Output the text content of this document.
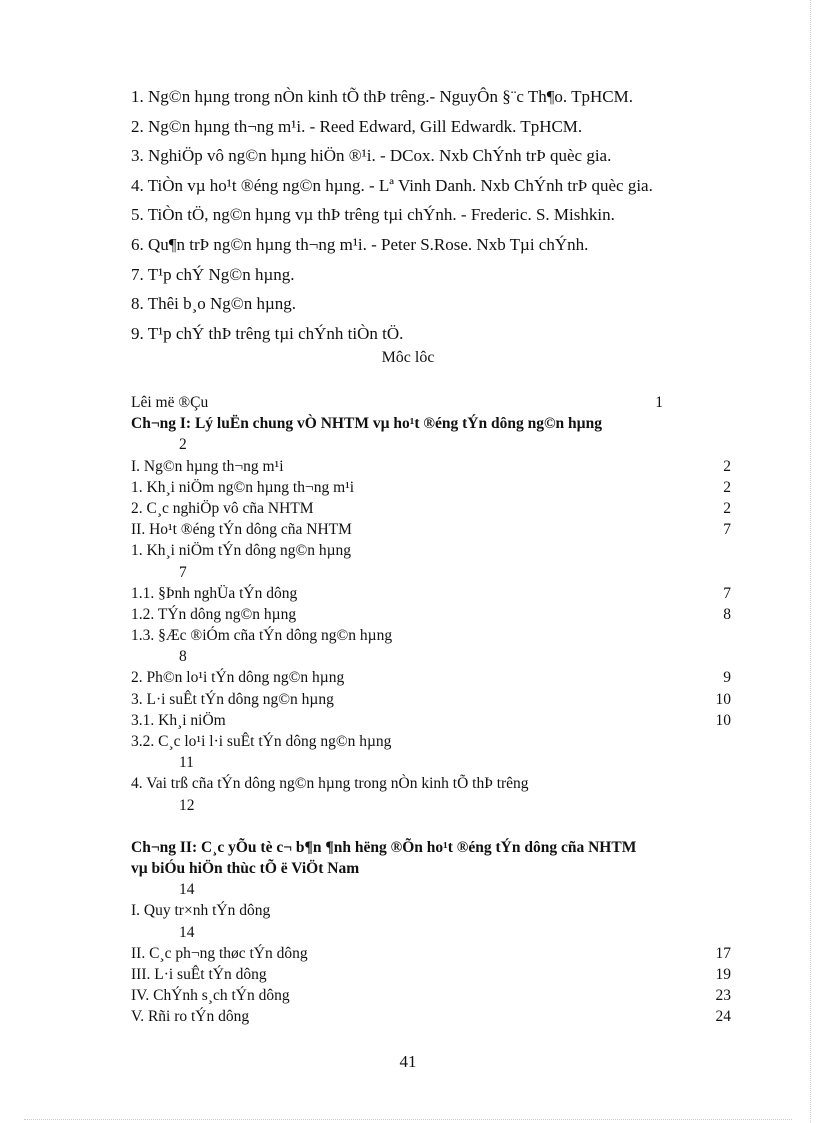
1. Ng©n hµng trong nÒn kinh tÕ thÞ trêng.- NguyÔn §¨c Th¶o. TpHCM.
2. Ng©n hµng th¬ng m¹i. - Reed Edward, Gill Edwardk. TpHCM.
3. NghiÖp vô ng©n hµng hiÖn ®¹i. - DCox. Nxb ChÝnh trÞ quèc gia.
4. TiÒn vµ ho¹t ®éng ng©n hµng. - Lª Vinh Danh. Nxb ChÝnh trÞ quèc gia.
5. TiÒn tÖ, ng©n hµng vµ thÞ trêng tµi chÝnh. - Frederic. S. Mishkin.
6. Qu¶n trÞ ng©n hµng th¬ng m¹i. - Peter S.Rose. Nxb Tµi chÝnh.
7. T¹p chÝ Ng©n hµng.
8. Thêi b¸o Ng©n hµng.
9. T¹p chÝ thÞ trêng tµi chÝnh tiÒn tÖ.
Môc lôc
Lêi më ®Çu	1
Ch¬ng I: Lý luËn chung vÒ NHTM vµ ho¹t ®éng tÝn dông ng©n hµng
2
I. Ng©n hµng th¬ng m¹i	2
1. Kh¸i niÖm ng©n hµng th¬ng m¹i	2
2. C¸c nghiÖp vô cña NHTM	2
II. Ho¹t ®éng tÝn dông cña NHTM	7
1. Kh¸i niÖm tÝn dông ng©n hµng
7
1.1. §Þnh nghÜa tÝn dông	7
1.2. TÝn dông ng©n hµng	8
1.3. §Æc ®iÓm cña tÝn dông ng©n hµng
8
2. Ph©n lo¹i tÝn dông ng©n hµng	9
3. L·i suÊt tÝn dông ng©n hµng	10
3.1. Kh¸i niÖm	10
3.2. C¸c lo¹i l·i suÊt tÝn dông ng©n hµng
11
4. Vai trß cña tÝn dông ng©n hµng trong nÒn kinh tÕ thÞ trêng
12
Ch¬ng II: C¸c yÕu tè c¬ b¶n ¶nh hëng ®Õn ho¹t ®éng tÝn dông cña NHTM
vµ biÓu hiÖn thùc tÕ ë ViÖt Nam
14
I. Quy tr×nh tÝn dông
14
II. C¸c ph¬ng thøc tÝn dông	17
III. L·i suÊt tÝn dông	19
IV. ChÝnh s¸ch tÝn dông	23
V. Rñi ro tÝn dông	24
41
